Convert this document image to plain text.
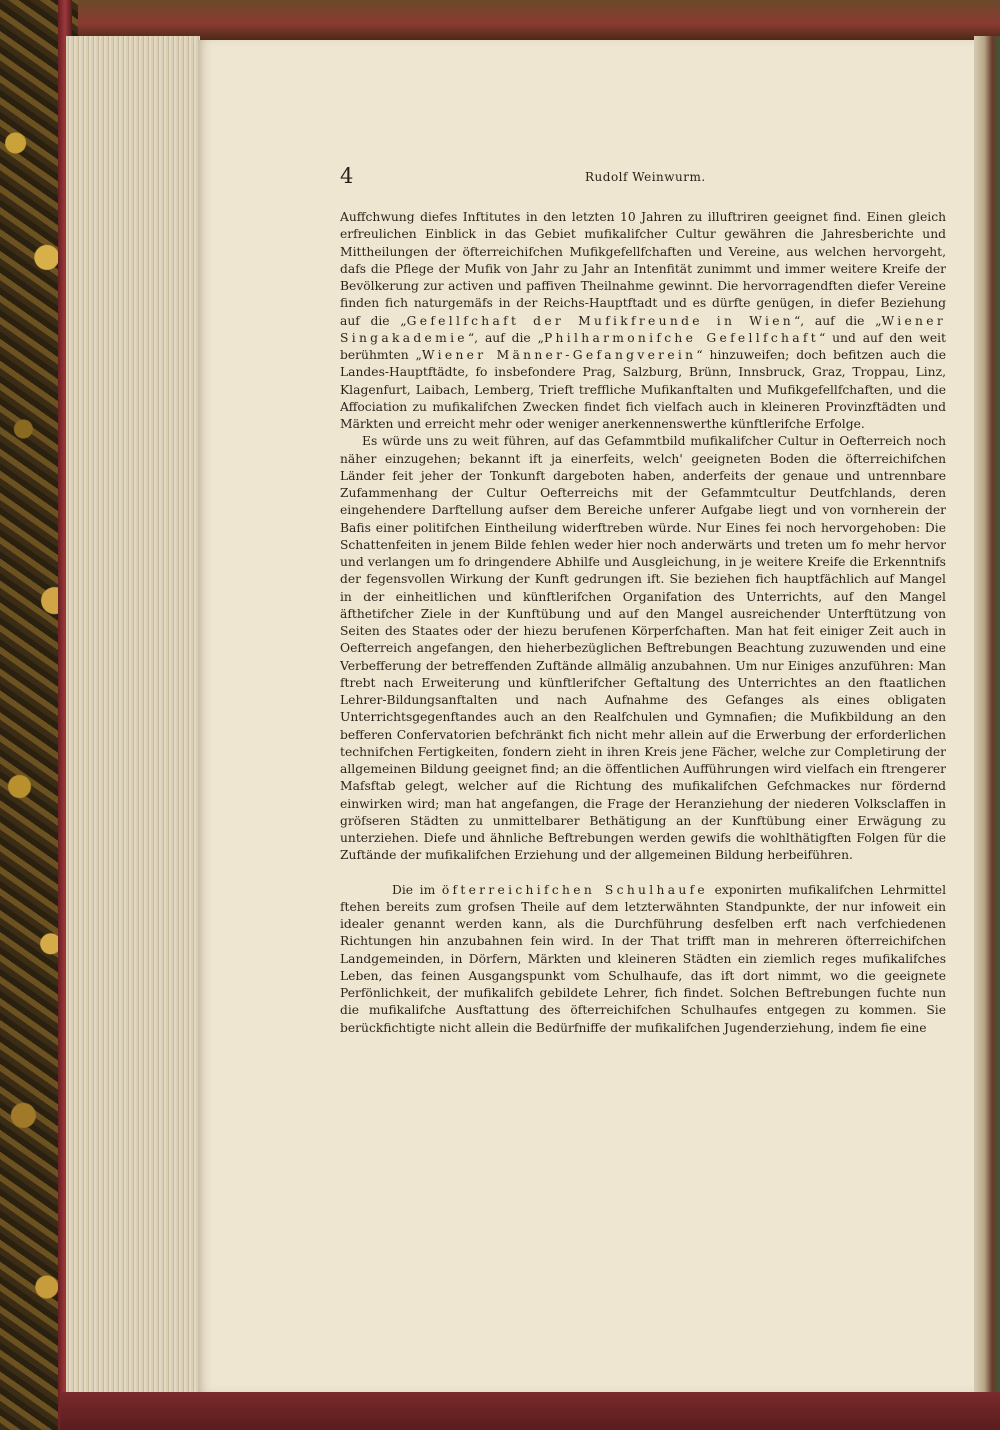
4	Rudolf Weinwurm.

Auffchwung diefes Inftitutes in den letzten 10 Jahren zu illuftriren geeignet find. Einen gleich erfreulichen Einblick in das Gebiet mufikalifcher Cultur gewähren die Jahresberichte und Mittheilungen der öfterreichifchen Mufikgefellfchaften und Vereine, aus welchen hervorgeht, dafs die Pflege der Mufik von Jahr zu Jahr an Intenfität zunimmt und immer weitere Kreife der Bevölkerung zur activen und paffiven Theilnahme gewinnt. Die hervorragendften diefer Vereine finden fich naturgemäfs in der Reichs-Hauptftadt und es dürfte genügen, in diefer Beziehung auf die „Gefellfchaft der Mufikfreunde in Wien“, auf die „Wiener Singakademie“, auf die „Philharmonifche Gefellfchaft“ und auf den weit berühmten „Wiener Männer-Gefangverein“ hinzuweifen; doch befitzen auch die Landes-Hauptftädte, fo insbefondere Prag, Salzburg, Brünn, Innsbruck, Graz, Troppau, Linz, Klagenfurt, Laibach, Lemberg, Trieft treffliche Mufikanftalten und Mufikgefellfchaften, und die Affociation zu mufikalifchen Zwecken findet fich vielfach auch in kleineren Provinzftädten und Märkten und erreicht mehr oder weniger anerkennenswerthe künftlerifche Erfolge.

Es würde uns zu weit führen, auf das Gefammtbild mufikalifcher Cultur in Oefterreich noch näher einzugehen; bekannt ift ja einerfeits, welch' geeigneten Boden die öfterreichifchen Länder feit jeher der Tonkunft dargeboten haben, anderfeits der genaue und untrennbare Zufammenhang der Cultur Oefterreichs mit der Gefammtcultur Deutfchlands, deren eingehendere Darftellung aufser dem Bereiche unferer Aufgabe liegt und von vornherein der Bafis einer politifchen Eintheilung widerftreben würde. Nur Eines fei noch hervorgehoben: Die Schattenfeiten in jenem Bilde fehlen weder hier noch anderwärts und treten um fo mehr hervor und verlangen um fo dringendere Abhilfe und Ausgleichung, in je weitere Kreife die Erkenntnifs der fegensvollen Wirkung der Kunft gedrungen ift. Sie beziehen fich hauptfächlich auf Mangel in der einheitlichen und künftlerifchen Organifation des Unterrichts, auf den Mangel äfthetifcher Ziele in der Kunftübung und auf den Mangel ausreichender Unterftützung von Seiten des Staates oder der hiezu berufenen Körperfchaften. Man hat feit einiger Zeit auch in Oefterreich angefangen, den hieherbezüglichen Beftrebungen Beachtung zuzuwenden und eine Verbefferung der betreffenden Zuftände allmälig anzubahnen. Um nur Einiges anzuführen: Man ftrebt nach Erweiterung und künftlerifcher Geftaltung des Unterrichtes an den ftaatlichen Lehrer-Bildungsanftalten und nach Aufnahme des Gefanges als eines obligaten Unterrichtsgegenftandes auch an den Realfchulen und Gymnafien; die Mufikbildung an den befferen Confervatorien befchränkt fich nicht mehr allein auf die Erwerbung der erforderlichen technifchen Fertigkeiten, fondern zieht in ihren Kreis jene Fächer, welche zur Completirung der allgemeinen Bildung geeignet find; an die öffentlichen Aufführungen wird vielfach ein ftrengerer Mafsftab gelegt, welcher auf die Richtung des mufikalifchen Gefchmackes nur fördernd einwirken wird; man hat angefangen, die Frage der Heranziehung der niederen Volksclaffen in gröfseren Städten zu unmittelbarer Bethätigung an der Kunftübung einer Erwägung zu unterziehen. Diefe und ähnliche Beftrebungen werden gewifs die wohlthätigften Folgen für die Zuftände der mufikalifchen Erziehung und der allgemeinen Bildung herbeiführen.

Die im öfterreichifchen Schulhaufe exponirten mufikalifchen Lehrmittel ftehen bereits zum grofsen Theile auf dem letzterwähnten Standpunkte, der nur infoweit ein idealer genannt werden kann, als die Durchführung desfelben erft nach verfchiedenen Richtungen hin anzubahnen fein wird. In der That trifft man in mehreren öfterreichifchen Landgemeinden, in Dörfern, Märkten und kleineren Städten ein ziemlich reges mufikalifches Leben, das feinen Ausgangspunkt vom Schulhaufe, das ift dort nimmt, wo die geeignete Perfönlichkeit, der mufikalifch gebildete Lehrer, fich findet. Solchen Beftrebungen fuchte nun die mufikalifche Ausftattung des öfterreichifchen Schulhaufes entgegen zu kommen. Sie berückfichtigte nicht allein die Bedürfniffe der mufikalifchen Jugenderziehung, indem fie eine
